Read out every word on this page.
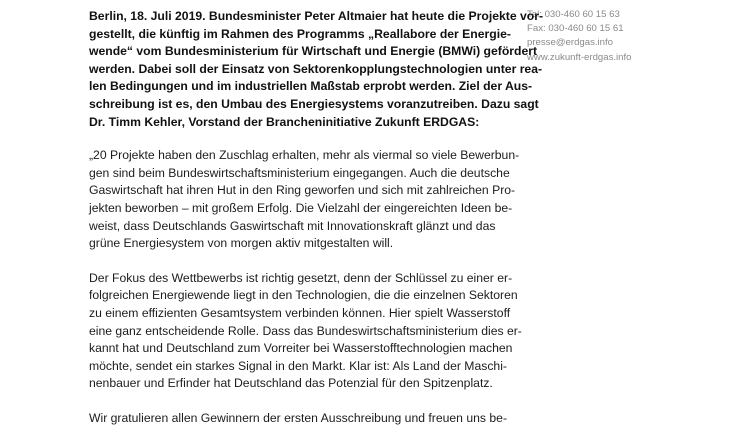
Tel: 030-460 60 15 63
Fax: 030-460 60 15 61
presse@erdgas.info
www.zukunft-erdgas.info

Berlin, 18. Juli 2019. Bundesminister Peter Altmaier hat heute die Projekte vor-
gestellt, die künftig im Rahmen des Programms „Reallabore der Energie-
wende“ vom Bundesministerium für Wirtschaft und Energie (BMWi) gefördert
werden. Dabei soll der Einsatz von Sektorenkopplungstechnologien unter rea-
len Bedingungen und im industriellen Maßstab erprobt werden. Ziel der Aus-
schreibung ist es, den Umbau des Energiesystems voranzutreiben. Dazu sagt
Dr. Timm Kehler, Vorstand der Brancheninitiative Zukunft ERDGAS:

„20 Projekte haben den Zuschlag erhalten, mehr als viermal so viele Bewerbun-
gen sind beim Bundeswirtschaftsministerium eingegangen. Auch die deutsche
Gaswirtschaft hat ihren Hut in den Ring geworfen und sich mit zahlreichen Pro-
jekten beworben – mit großem Erfolg. Die Vielzahl der eingereichten Ideen be-
weist, dass Deutschlands Gaswirtschaft mit Innovationskraft glänzt und das
grüne Energiesystem von morgen aktiv mitgestalten will.

Der Fokus des Wettbewerbs ist richtig gesetzt, denn der Schlüssel zu einer er-
folgreichen Energiewende liegt in den Technologien, die die einzelnen Sektoren
zu einem effizienten Gesamtsystem verbinden können. Hier spielt Wasserstoff
eine ganz entscheidende Rolle. Dass das Bundeswirtschaftsministerium dies er-
kannt hat und Deutschland zum Vorreiter bei Wasserstofftechnologien machen
möchte, sendet ein starkes Signal in den Markt. Klar ist: Als Land der Maschi-
nenbauer und Erfinder hat Deutschland das Potenzial für den Spitzenplatz.

Wir gratulieren allen Gewinnern der ersten Ausschreibung und freuen uns be-
